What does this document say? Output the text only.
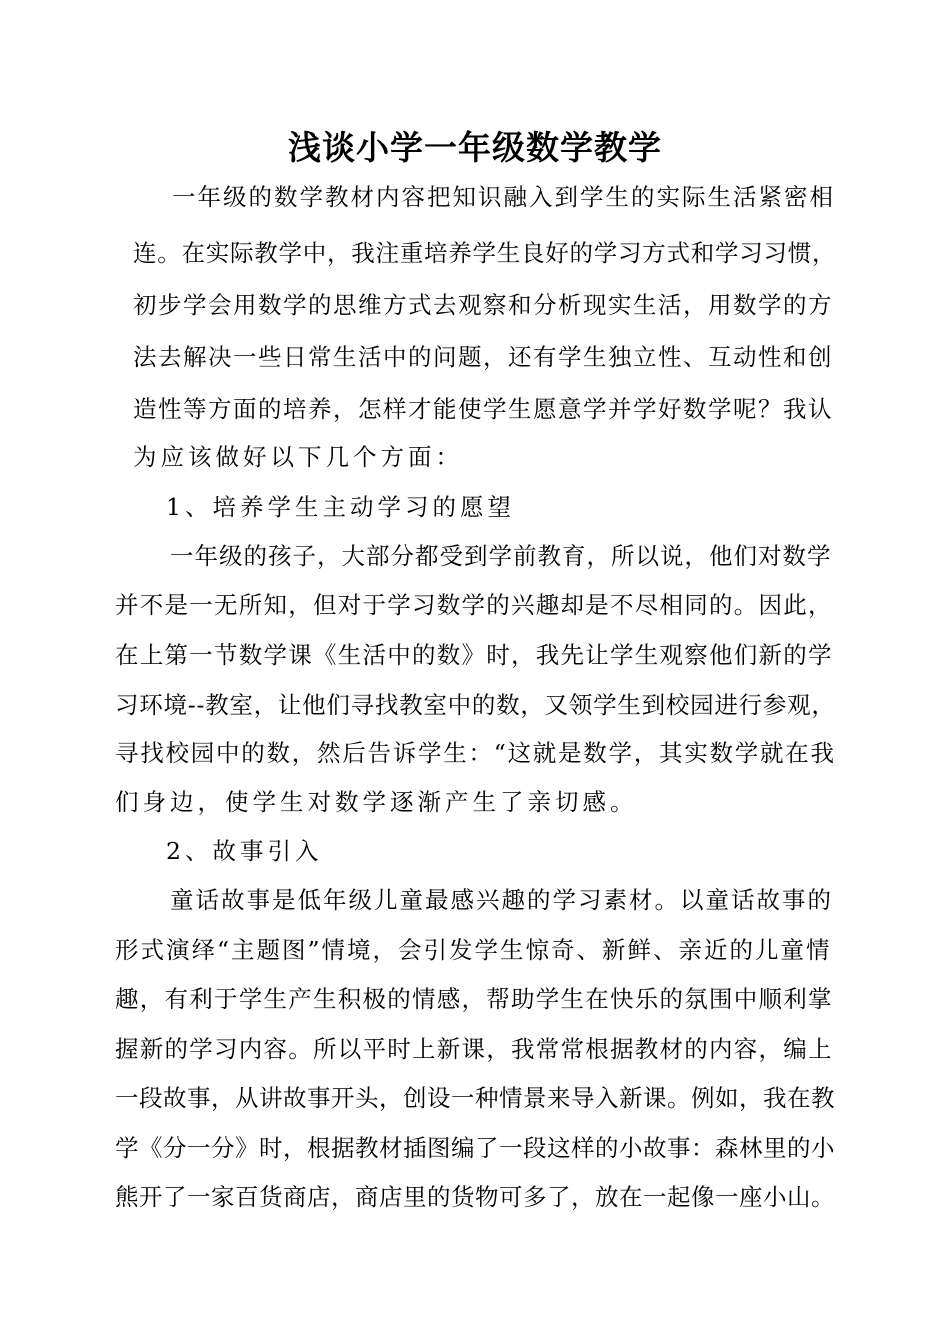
浅谈小学一年级数学教学
一年级的数学教材内容把知识融入到学生的实际生活紧密相
连。在实际教学中，我注重培养学生良好的学习方式和学习习惯，
初步学会用数学的思维方式去观察和分析现实生活，用数学的方
法去解决一些日常生活中的问题，还有学生独立性、互动性和创
造性等方面的培养，怎样才能使学生愿意学并学好数学呢？我认
为应该做好以下几个方面：
1、培养学生主动学习的愿望
一年级的孩子，大部分都受到学前教育，所以说，他们对数学
并不是一无所知，但对于学习数学的兴趣却是不尽相同的。因此，
在上第一节数学课《生活中的数》时，我先让学生观察他们新的学
习环境--教室，让他们寻找教室中的数，又领学生到校园进行参观，
寻找校园中的数，然后告诉学生：“这就是数学，其实数学就在我
们身边，使学生对数学逐渐产生了亲切感。
2、故事引入
童话故事是低年级儿童最感兴趣的学习素材。以童话故事的
形式演绎“主题图”情境，会引发学生惊奇、新鲜、亲近的儿童情
趣，有利于学生产生积极的情感，帮助学生在快乐的氛围中顺利掌
握新的学习内容。所以平时上新课，我常常根据教材的内容，编上
一段故事，从讲故事开头，创设一种情景来导入新课。例如，我在教
学《分一分》时，根据教材插图编了一段这样的小故事：森林里的小
熊开了一家百货商店，商店里的货物可多了，放在一起像一座小山。
